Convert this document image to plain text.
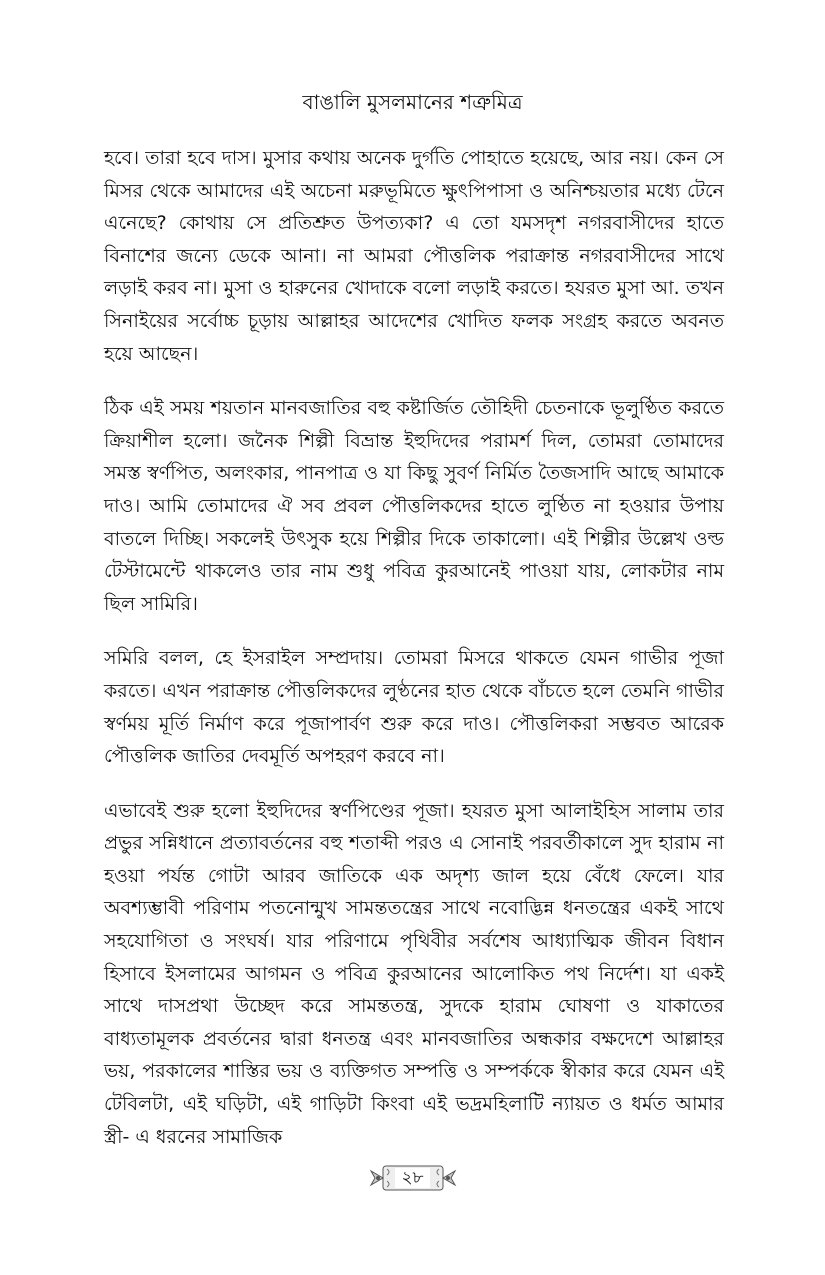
বাঙালি মুসলমানের শত্রুমিত্র

হবে। তারা হবে দাস। মুসার কথায় অনেক দুর্গতি পোহাতে হয়েছে, আর নয়। কেন সে মিসর থেকে আমাদের এই অচেনা মরুভূমিতে ক্ষুৎপিপাসা ও অনিশ্চয়তার মধ্যে টেনে এনেছে? কোথায় সে প্রতিশ্রুত উপত্যকা? এ তো যমসদৃশ নগরবাসীদের হাতে বিনাশের জন্যে ডেকে আনা। না আমরা পৌত্তলিক পরাক্রান্ত নগরবাসীদের সাথে লড়াই করব না। মুসা ও হারুনের খোদাকে বলো লড়াই করতে। হযরত মুসা আ. তখন সিনাইয়ের সর্বোচ্চ চূড়ায় আল্লাহর আদেশের খোদিত ফলক সংগ্রহ করতে অবনত হয়ে আছেন।

ঠিক এই সময় শয়তান মানবজাতির বহু কষ্টার্জিত তৌহিদী চেতনাকে ভূলুণ্ঠিত করতে ক্রিয়াশীল হলো। জনৈক শিল্পী বিভ্রান্ত ইহুদিদের পরামর্শ দিল, তোমরা তোমাদের সমস্ত স্বর্ণপিত, অলংকার, পানপাত্র ও যা কিছু সুবর্ণ নির্মিত তৈজসাদি আছে আমাকে দাও। আমি তোমাদের ঐ সব প্রবল পৌত্তলিকদের হাতে লুণ্ঠিত না হওয়ার উপায় বাতলে দিচ্ছি। সকলেই উৎসুক হয়ে শিল্পীর দিকে তাকালো। এই শিল্পীর উল্লেখ ওল্ড টেস্টামেন্টে থাকলেও তার নাম শুধু পবিত্র কুরআনেই পাওয়া যায়, লোকটার নাম ছিল সামিরি।

সমিরি বলল, হে ইসরাইল সম্প্রদায়। তোমরা মিসরে থাকতে যেমন গাভীর পূজা করতে। এখন পরাক্রান্ত পৌত্তলিকদের লুণ্ঠনের হাত থেকে বাঁচতে হলে তেমনি গাভীর স্বর্ণময় মূর্তি নির্মাণ করে পূজাপার্বণ শুরু করে দাও। পৌত্তলিকরা সম্ভবত আরেক পৌত্তলিক জাতির দেবমূর্তি অপহরণ করবে না।

এভাবেই শুরু হলো ইহুদিদের স্বর্ণপিণ্ডের পূজা। হযরত মুসা আলাইহিস সালাম তার প্রভুর সন্নিধানে প্রত্যাবর্তনের বহু শতাব্দী পরও এ সোনাই পরবর্তীকালে সুদ হারাম না হওয়া পর্যন্ত গোটা আরব জাতিকে এক অদৃশ্য জাল হয়ে বেঁধে ফেলে। যার অবশ্যম্ভাবী পরিণাম পতনোন্মুখ সামন্ততন্ত্রের সাথে নবোদ্ভিন্ন ধনতন্ত্রের একই সাথে সহযোগিতা ও সংঘর্ষ। যার পরিণামে পৃথিবীর সর্বশেষ আধ্যাত্মিক জীবন বিধান হিসাবে ইসলামের আগমন ও পবিত্র কুরআনের আলোকিত পথ নির্দেশ। যা একই সাথে দাসপ্রথা উচ্ছেদ করে সামন্ততন্ত্র, সুদকে হারাম ঘোষণা ও যাকাতের বাধ্যতামূলক প্রবর্তনের দ্বারা ধনতন্ত্র এবং মানবজাতির অন্ধকার বক্ষদেশে আল্লাহর ভয়, পরকালের শাস্তির ভয় ও ব্যক্তিগত সম্পত্তি ও সম্পর্ককে স্বীকার করে যেমন এই টেবিলটা, এই ঘড়িটা, এই গাড়িটা কিংবা এই ভদ্রমহিলাটি ন্যায়ত ও ধর্মত আমার স্ত্রী- এ ধরনের সামাজিক

২৮
